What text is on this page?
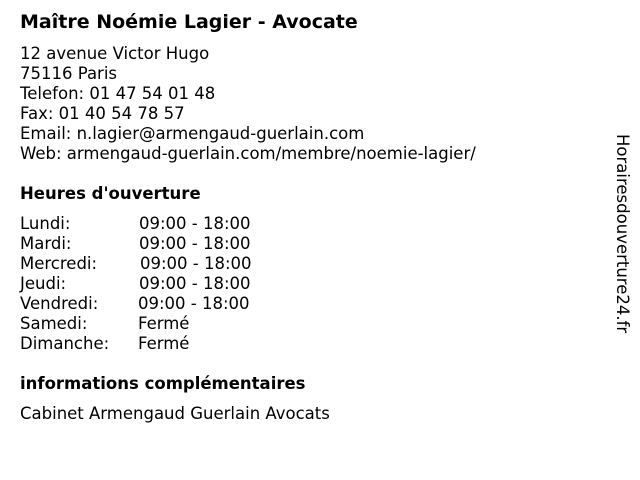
Maître Noémie Lagier - Avocate
12 avenue Victor Hugo
75116 Paris
Telefon: 01 47 54 01 48
Fax: 01 40 54 78 57
Email: n.lagier@armengaud-guerlain.com
Web: armengaud-guerlain.com/membre/noemie-lagier/
Heures d'ouverture
Lundi:	09:00 - 18:00
Mardi:	09:00 - 18:00
Mercredi:	09:00 - 18:00
Jeudi:	09:00 - 18:00
Vendredi: 09:00 - 18:00
Samedi:	Fermé
Dimanche: Fermé
informations complémentaires
Cabinet Armengaud Guerlain Avocats
Horairesdouverture24.fr
